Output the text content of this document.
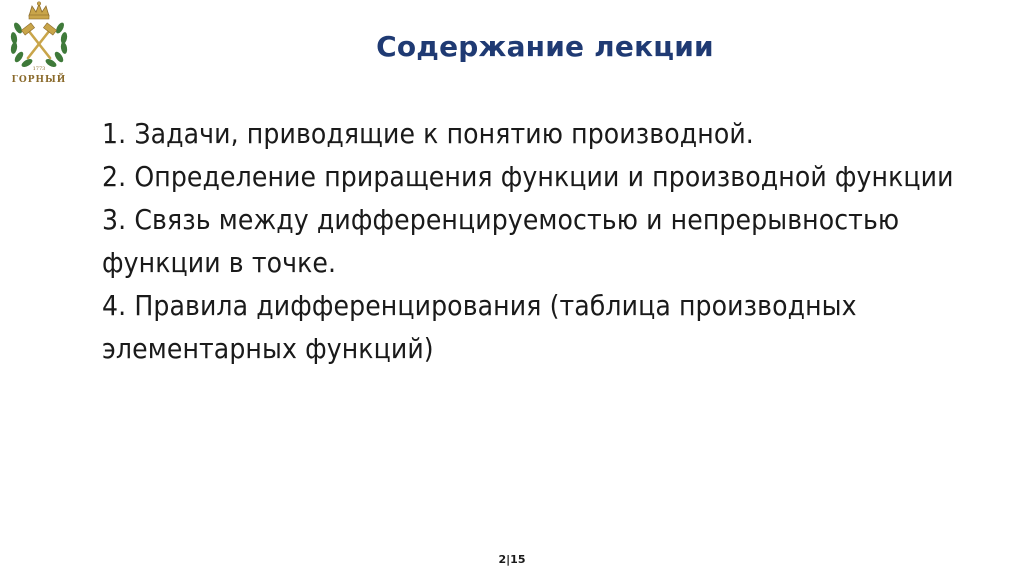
1773
ГОРНЫЙ
Содержание лекции
1. Задачи, приводящие к понятию производной.
2. Определение приращения функции и производной функции
3. Связь между дифференцируемостью и непрерывностью функции в точке.
4. Правила дифференцирования (таблица производных элементарных функций)
2|15
